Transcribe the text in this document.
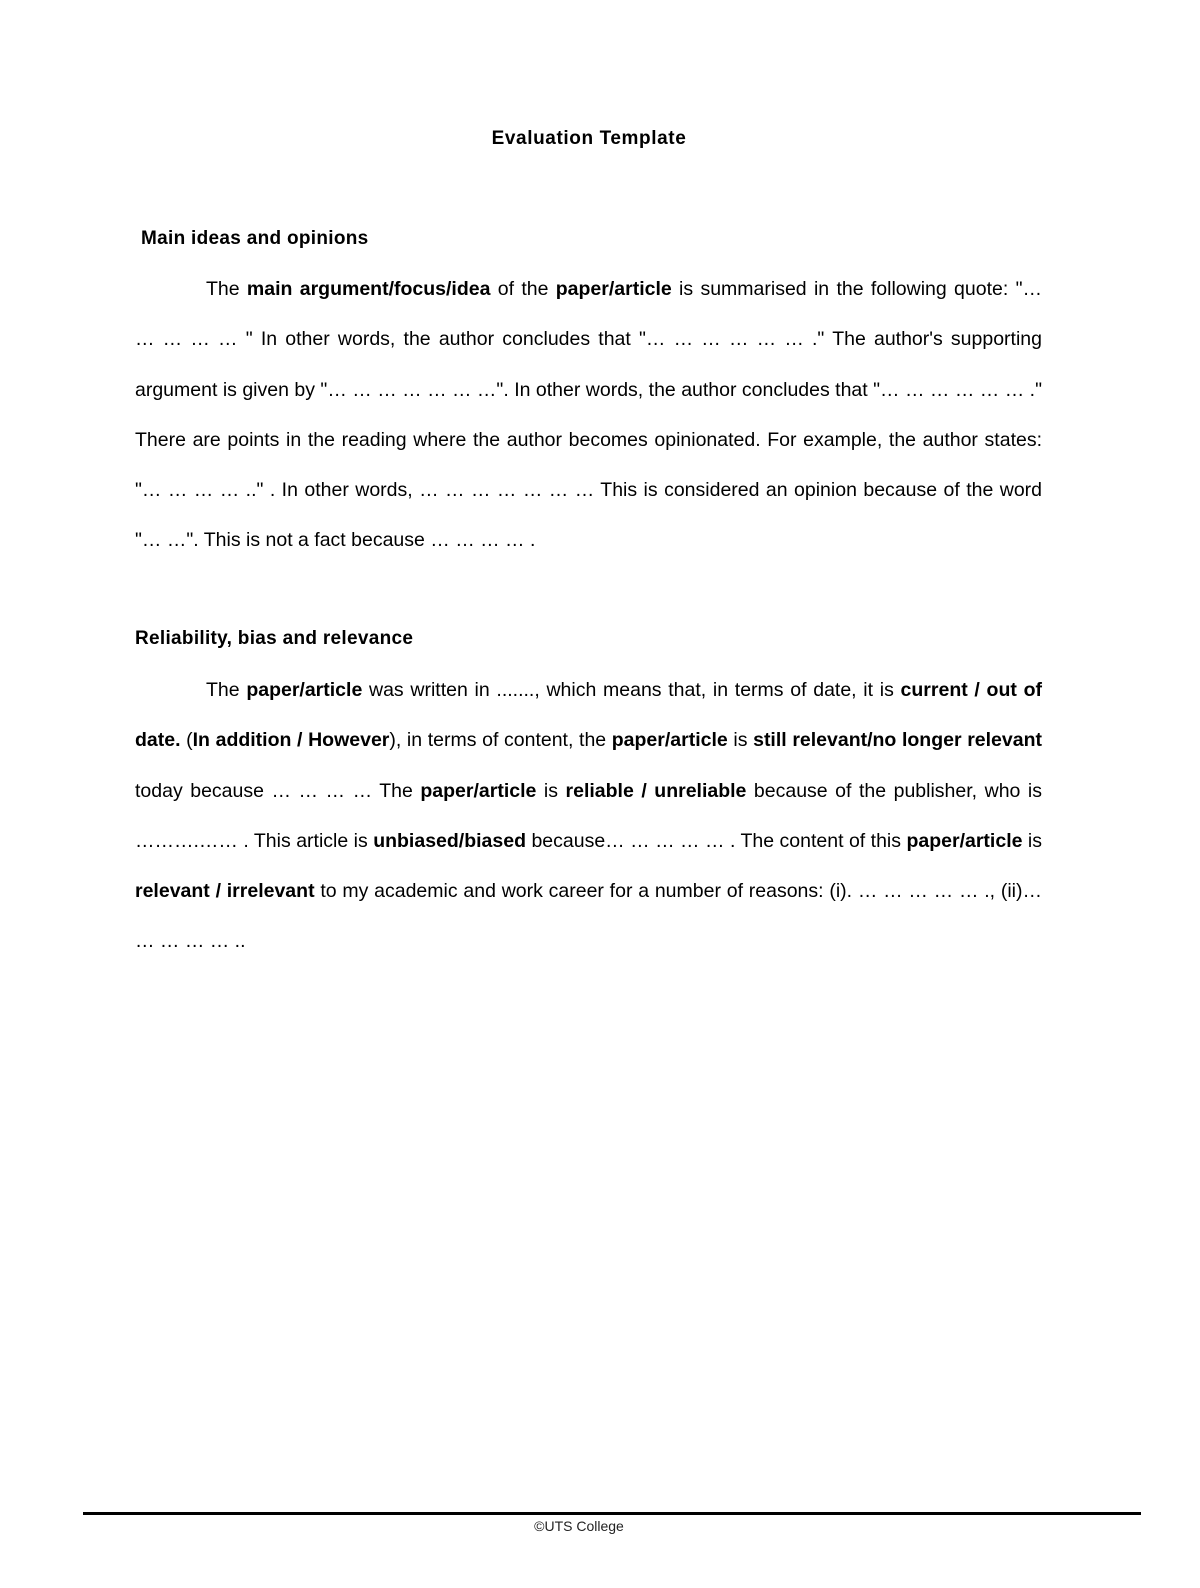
Evaluation Template
Main ideas and opinions

The main argument/focus/idea of the paper/article is summarised in the following quote: "… … … … … " In other words, the author concludes that "… … … … … … ." The author's supporting argument is given by "… … … … … … …". In other words, the author concludes that "… … … … … … ." There are points in the reading where the author becomes opinionated. For example, the author states: "… … … … .." . In other words, … … … … … … … This is considered an opinion because of the word "… …". This is not a fact because … … … … .

Reliability, bias and relevance

The paper/article was written in ......., which means that, in terms of date, it is current / out of date. (In addition / However), in terms of content, the paper/article is still relevant/no longer relevant today because … … … … The paper/article is reliable / unreliable because of the publisher, who is ……….…… . This article is unbiased/biased because… … … … … . The content of this paper/article is relevant / irrelevant to my academic and work career for a number of reasons: (i). … … … … … ., (ii)… … … … … ..

©UTS College
